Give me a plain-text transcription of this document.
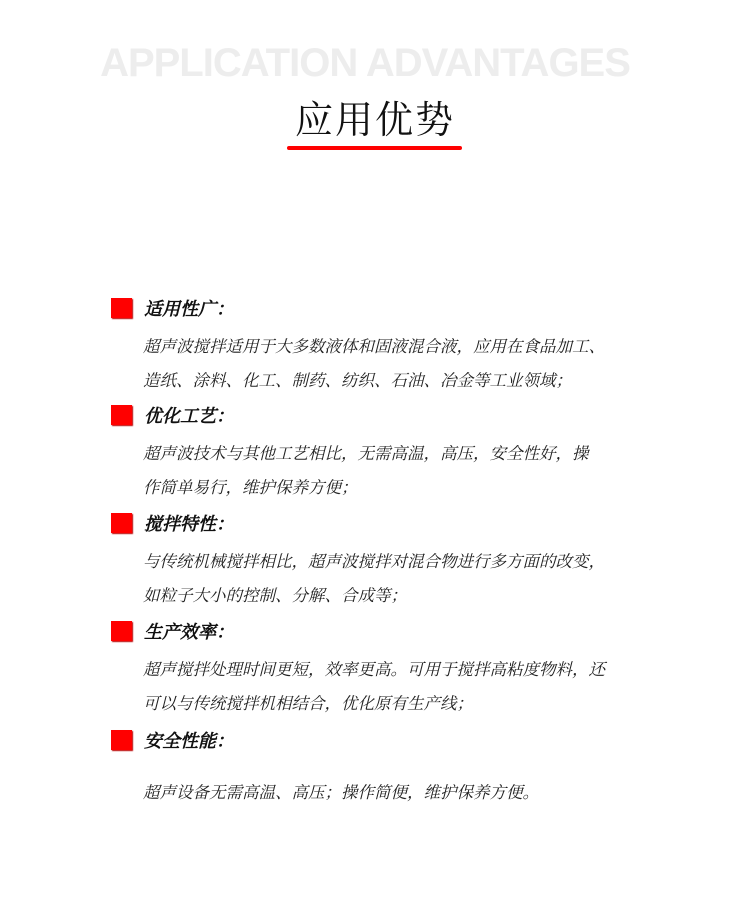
APPLICATION ADVANTAGES
应用优势
适用性广：
超声波搅拌适用于大多数液体和固液混合液，应用在食品加工、
造纸、涂料、化工、制药、纺织、石油、冶金等工业领域；
优化工艺：
超声波技术与其他工艺相比，无需高温，高压，安全性好，操
作简单易行，维护保养方便；
搅拌特性：
与传统机械搅拌相比，超声波搅拌对混合物进行多方面的改变，
如粒子大小的控制、分解、合成等；
生产效率：
超声搅拌处理时间更短，效率更高。可用于搅拌高粘度物料，还
可以与传统搅拌机相结合，优化原有生产线；
安全性能：
超声设备无需高温、高压；操作简便，维护保养方便。
